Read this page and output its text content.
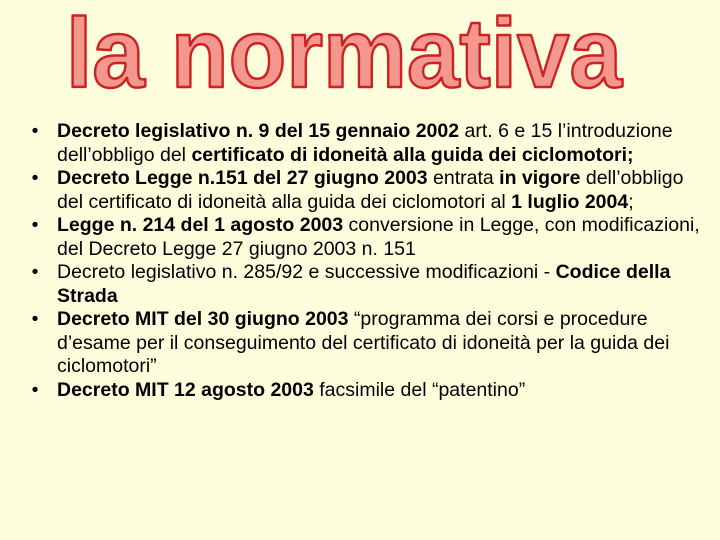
la normativa
• Decreto legislativo n. 9 del 15 gennaio 2002 art. 6 e 15 l’introduzione dell’obbligo del certificato di idoneità alla guida dei ciclomotori;
• Decreto Legge n.151 del 27 giugno 2003 entrata in vigore dell’obbligo del certificato di idoneità alla guida dei ciclomotori al 1 luglio 2004;
• Legge n. 214 del 1 agosto 2003 conversione in Legge, con modificazioni, del Decreto Legge 27 giugno 2003 n. 151
• Decreto legislativo n. 285/92 e successive modificazioni - Codice della Strada
• Decreto MIT del 30 giugno 2003 “programma dei corsi e procedure d’esame per il conseguimento del certificato di idoneità per la guida dei ciclomotori”
• Decreto MIT 12 agosto 2003 facsimile del “patentino”
